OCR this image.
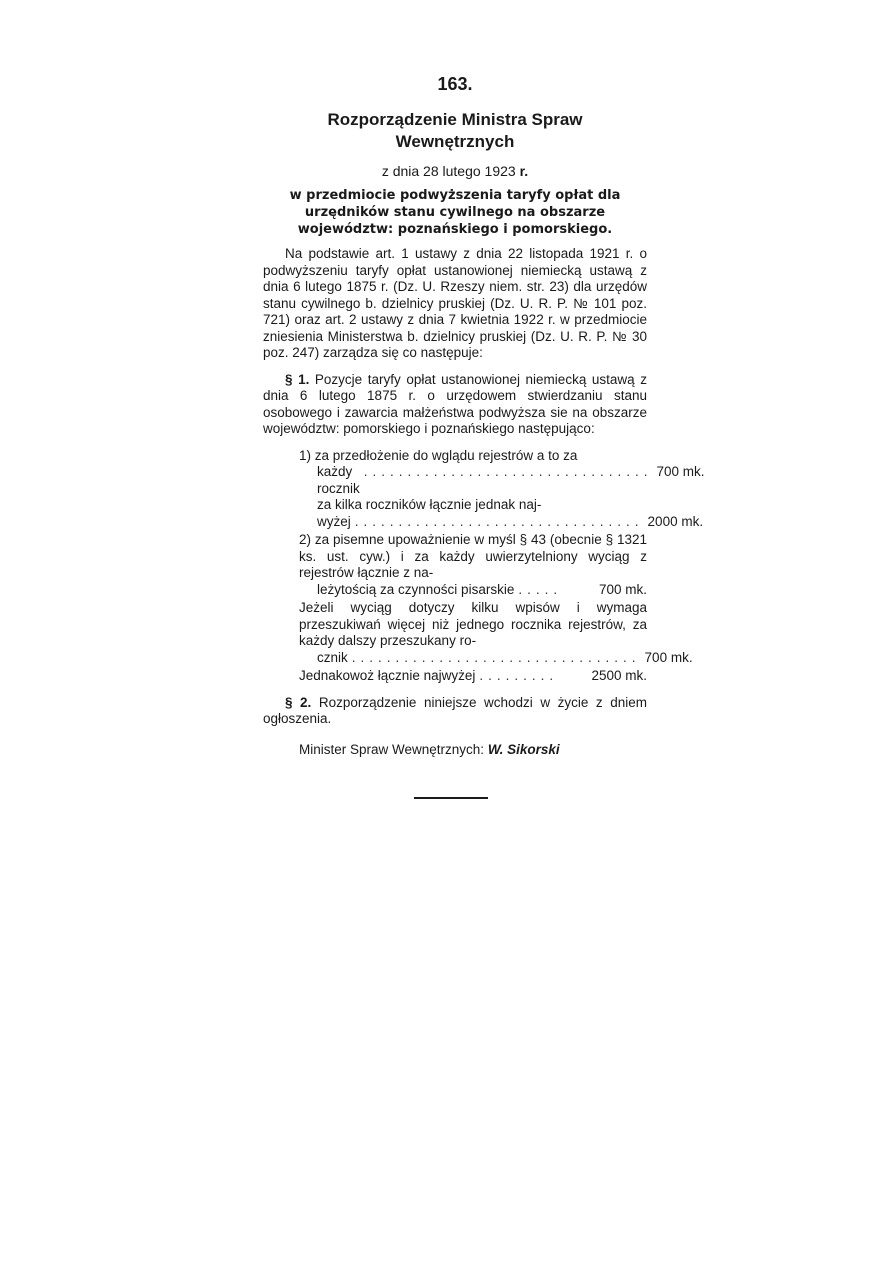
163.
Rozporządzenie Ministra Spraw
Wewnętrznych
z dnia 28 lutego 1923 r.
w przedmiocie podwyższenia taryfy opłat dla urzędników stanu cywilnego na obszarze województw: poznańskiego i pomorskiego.

Na podstawie art. 1 ustawy z dnia 22 listopada 1921 r. o podwyższeniu taryfy opłat ustanowionej niemiecką ustawą z dnia 6 lutego 1875 r. (Dz. U. Rzeszy niem. str. 23) dla urzędów stanu cywilnego b. dzielnicy pruskiej (Dz. U. R. P. № 101 poz. 721) oraz art. 2 ustawy z dnia 7 kwietnia 1922 r. w przedmiocie zniesienia Ministerstwa b. dzielnicy pruskiej (Dz. U. R. P. № 30 poz. 247) zarządza się co następuje:

§ 1. Pozycje taryfy opłat ustanowionej niemiecką ustawą z dnia 6 lutego 1875 r. o urzędowem stwierdzaniu stanu osobowego i zawarcia małżeństwa podwyższa sie na obszarze województw: pomorskiego i poznańskiego następująco:

1) za przedłożenie do wglądu rejestrów a to za
każdy rocznik
................................. 700 mk.
za kilka roczników łącznie jednak naj-
wyżej ................................. 2000 mk.
2) za pisemne upoważnienie w myśl § 43 (obecnie § 1321 ks. ust. cyw.) i za każdy uwierzytelniony wyciąg z rejestrów łącznie z na-
leżytością za czynności pisarskie .....	700 mk.
Jeżeli wyciąg dotyczy kilku wpisów i wymaga przeszukiwań więcej niż jednego rocznika rejestrów, za każdy dalszy przeszukany ro-
cznik ................................. 700 mk.
Jednakowoż łącznie najwyżej .........	2500 mk.

§ 2. Rozporządzenie niniejsze wchodzi w życie z dniem ogłoszenia.

Minister Spraw Wewnętrznych: W. Sikorski
